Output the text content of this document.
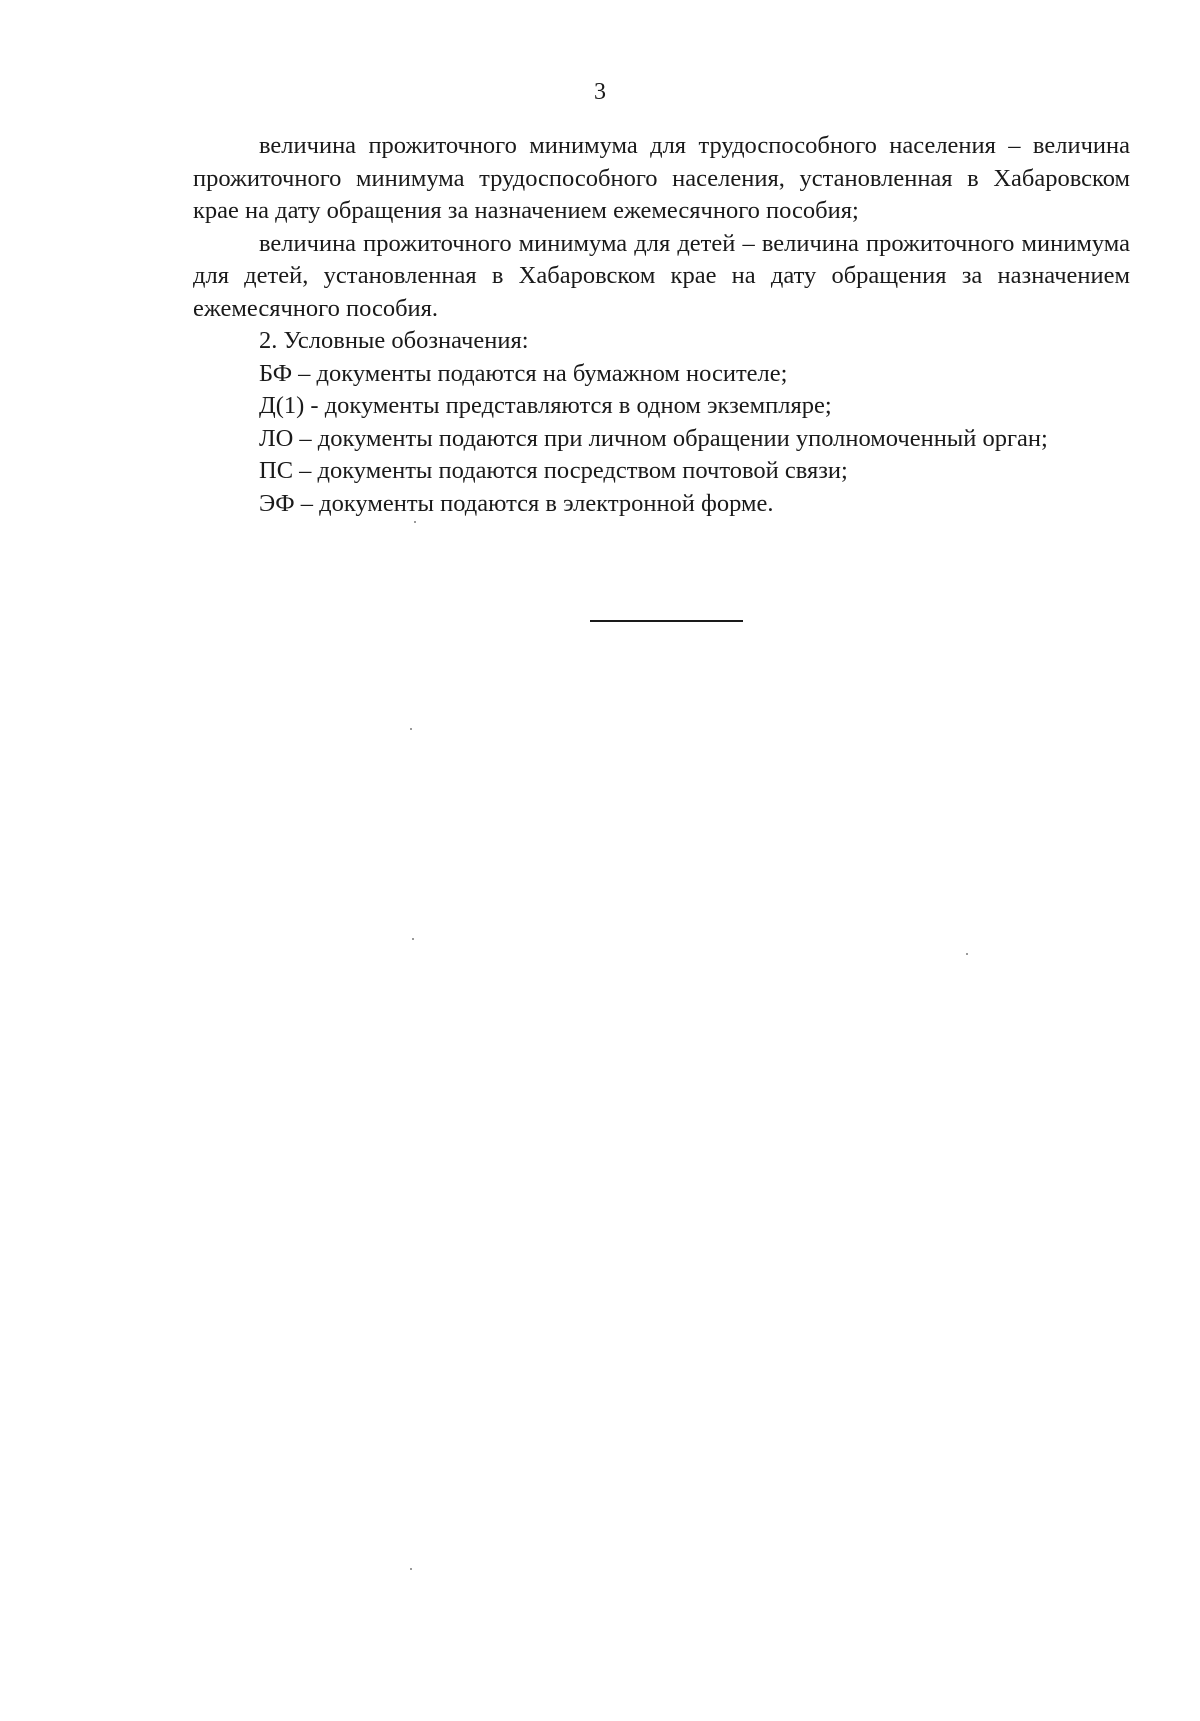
3

величина прожиточного минимума для трудоспособного населения – величина прожиточного минимума трудоспособного населения, установленная в Хабаровском крае на дату обращения за назначением ежемесячного пособия;

величина прожиточного минимума для детей – величина прожиточного минимума для детей, установленная в Хабаровском крае на дату обращения за назначением ежемесячного пособия.

2. Условные обозначения:

БФ – документы подаются на бумажном носителе;

Д(1) - документы представляются в одном экземпляре;

ЛО – документы подаются при личном обращении уполномоченный орган;

ПС – документы подаются посредством почтовой связи;

ЭФ – документы подаются в электронной форме.
